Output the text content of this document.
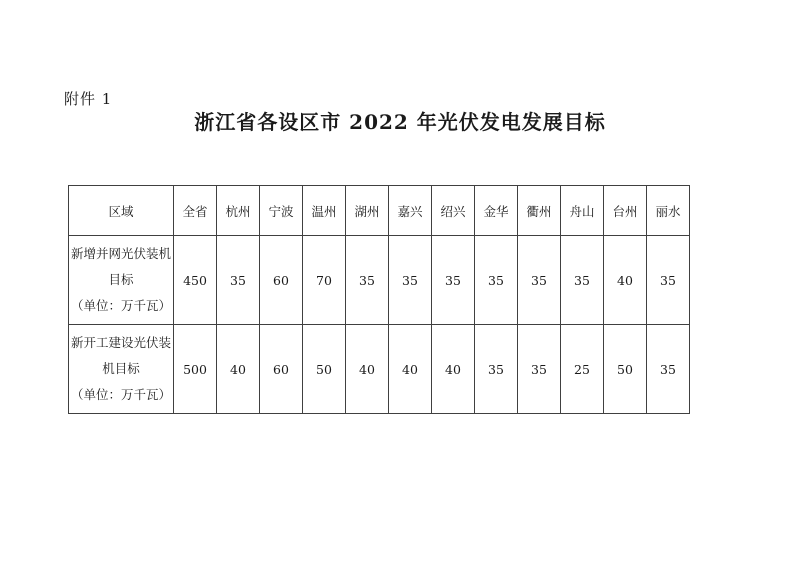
附件 1
浙江省各设区市 2022 年光伏发电发展目标
区域	全省	杭州	宁波	温州	湖州	嘉兴	绍兴	金华	衢州	舟山	台州	丽水

新增并网光伏装机
目标
（单位：万千瓦）	450	35	60	70	35	35	35	35	35	35	40	35

新开工建设光伏装
机目标
（单位：万千瓦）	500	40	60	50	40	40	40	35	35	25	50	35
